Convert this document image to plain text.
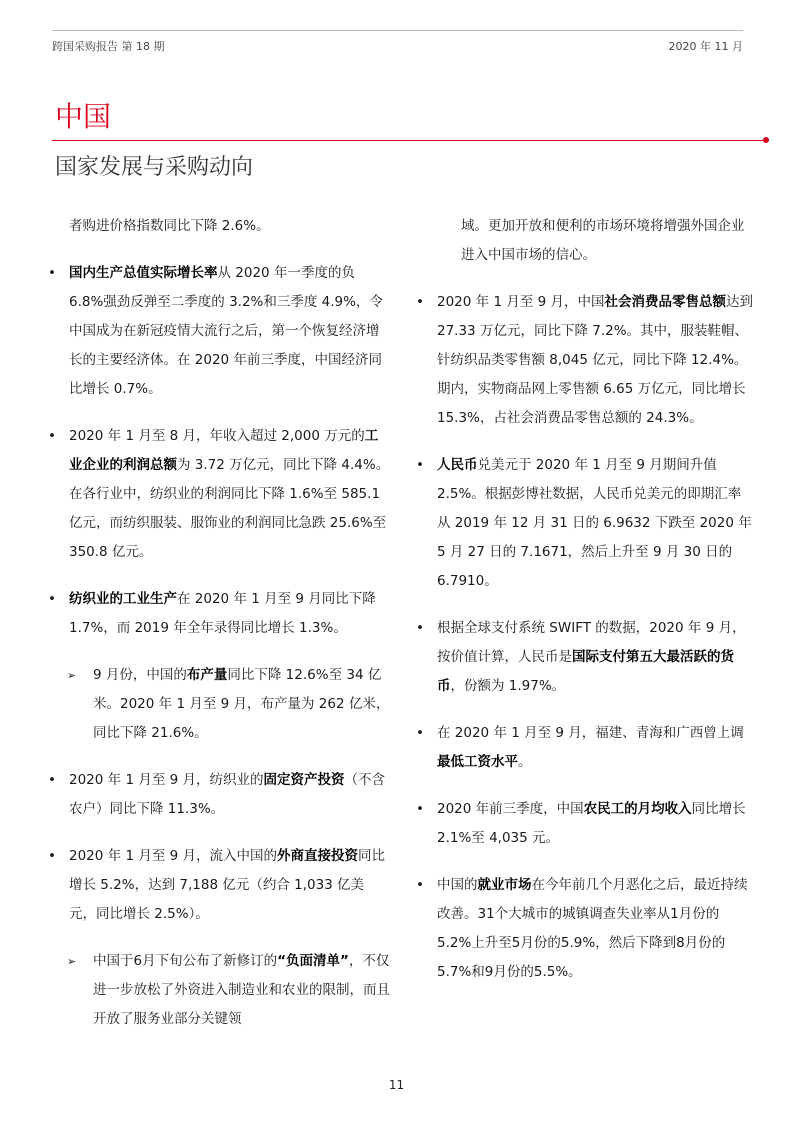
跨国采购报告 第 18 期	2020 年 11 月
中国
国家发展与采购动向
者购进价格指数同比下降 2.6%。
• 国内生产总值实际增长率从 2020 年一季度的负 6.8%强劲反弹至二季度的 3.2%和三季度 4.9%，令中国成为在新冠疫情大流行之后，第一个恢复经济增长的主要经济体。在 2020 年前三季度，中国经济同比增长 0.7%。
• 2020 年 1 月至 8 月，年收入超过 2,000 万元的工业企业的利润总额为 3.72 万亿元，同比下降 4.4%。在各行业中，纺织业的利润同比下降 1.6%至 585.1 亿元，而纺织服装、服饰业的利润同比急跌 25.6%至 350.8 亿元。
• 纺织业的工业生产在 2020 年 1 月至 9 月同比下降 1.7%，而 2019 年全年录得同比增长 1.3%。
➢ 9 月份，中国的布产量同比下降 12.6%至 34 亿米。2020 年 1 月至 9 月，布产量为 262 亿米，同比下降 21.6%。
• 2020 年 1 月至 9 月，纺织业的固定资产投资（不含农户）同比下降 11.3%。
• 2020 年 1 月至 9 月，流入中国的外商直接投资同比增长 5.2%，达到 7,188 亿元（约合 1,033 亿美元，同比增长 2.5%）。
➢ 中国于6月下旬公布了新修订的“负面清单”，不仅进一步放松了外资进入制造业和农业的限制，而且开放了服务业部分关键领
域。更加开放和便利的市场环境将增强外国企业进入中国市场的信心。
• 2020 年 1 月至 9 月，中国社会消费品零售总额达到 27.33 万亿元，同比下降 7.2%。其中，服装鞋帽、针纺织品类零售额 8,045 亿元，同比下降 12.4%。期内，实物商品网上零售额 6.65 万亿元，同比增长 15.3%，占社会消费品零售总额的 24.3%。
• 人民币兑美元于 2020 年 1 月至 9 月期间升值 2.5%。根据彭博社数据，人民币兑美元的即期汇率从 2019 年 12 月 31 日的 6.9632 下跌至 2020 年 5 月 27 日的 7.1671，然后上升至 9 月 30 日的 6.7910。
• 根据全球支付系统 SWIFT 的数据，2020 年 9 月，按价值计算，人民币是国际支付第五大最活跃的货币，份额为 1.97%。
• 在 2020 年 1 月至 9 月，福建、青海和广西曾上调最低工资水平。
• 2020 年前三季度，中国农民工的月均收入同比增长 2.1%至 4,035 元。
• 中国的就业市场在今年前几个月恶化之后，最近持续改善。31个大城市的城镇调查失业率从1月份的5.2%上升至5月份的5.9%，然后下降到8月份的5.7%和9月份的5.5%。
11
